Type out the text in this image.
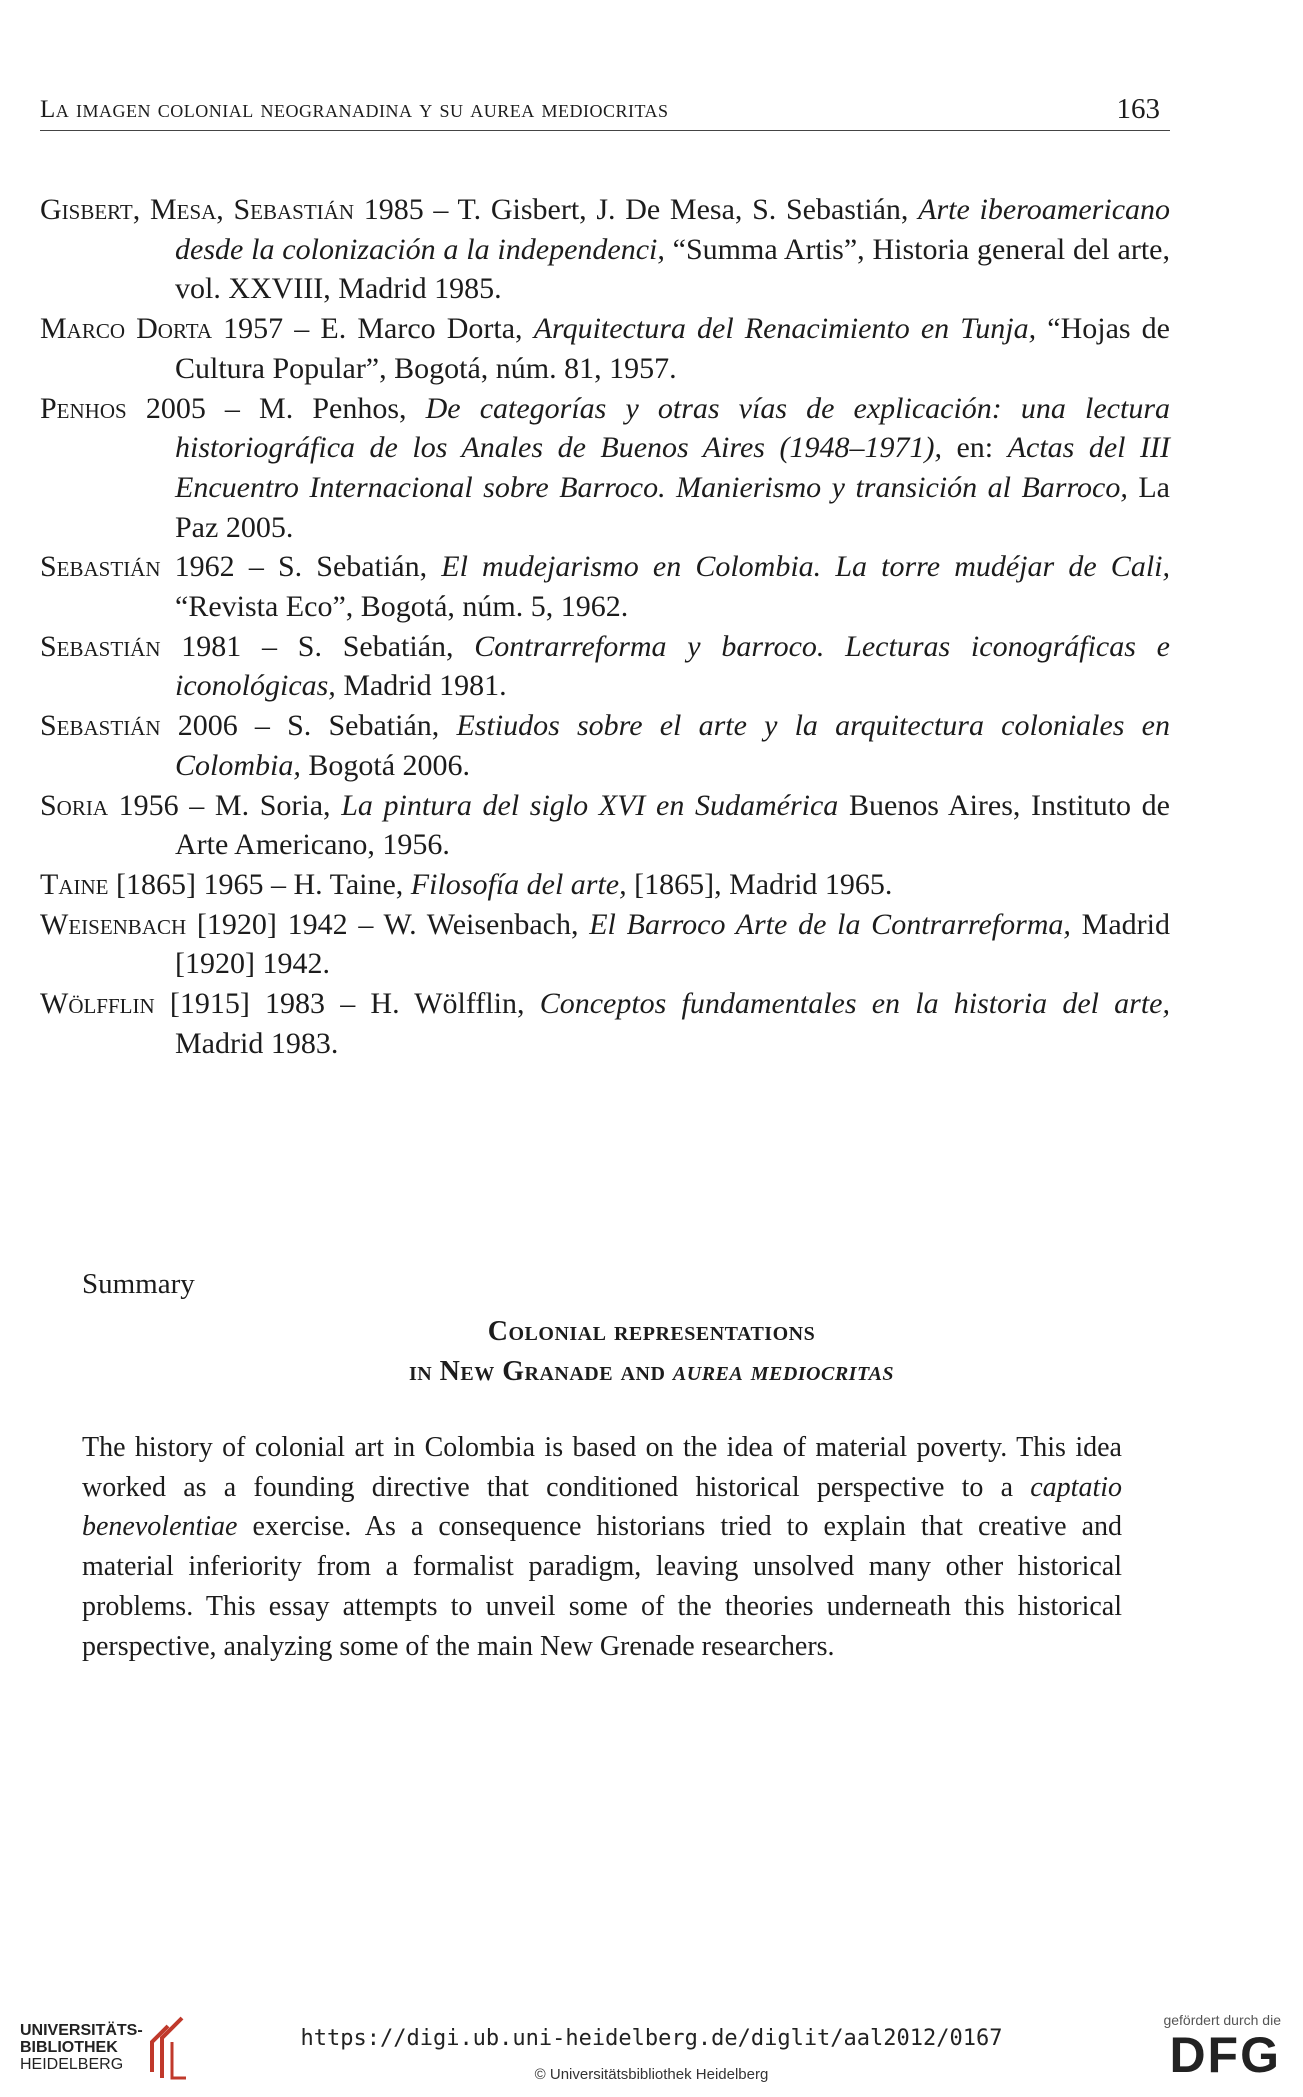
La imagen colonial neogranadina y su aurea mediocritas	163
Gisbert, Mesa, Sebastián 1985 – T. Gisbert, J. De Mesa, S. Sebastián, Arte iberoamericano desde la colonización a la independenci, “Summa Artis”, Historia general del arte, vol. XXVIII, Madrid 1985.
Marco Dorta 1957 – E. Marco Dorta, Arquitectura del Renacimiento en Tunja, “Hojas de Cultura Popular”, Bogotá, núm. 81, 1957.
Penhos 2005 – M. Penhos, De categorías y otras vías de explicación: una lectura historiográfica de los Anales de Buenos Aires (1948–1971), en: Actas del III Encuentro Internacional sobre Barroco. Manierismo y transición al Barroco, La Paz 2005.
Sebastián 1962 – S. Sebatián, El mudejarismo en Colombia. La torre mudéjar de Cali, “Revista Eco”, Bogotá, núm. 5, 1962.
Sebastián 1981 – S. Sebatián, Contrarreforma y barroco. Lecturas iconográficas e iconológicas, Madrid 1981.
Sebastián 2006 – S. Sebatián, Estiudos sobre el arte y la arquitectura coloniales en Colombia, Bogotá 2006.
Soria 1956 – M. Soria, La pintura del siglo XVI en Sudamérica Buenos Aires, Instituto de Arte Americano, 1956.
Taine [1865] 1965 – H. Taine, Filosofía del arte, [1865], Madrid 1965.
Weisenbach [1920] 1942 – W. Weisenbach, El Barroco Arte de la Contrarreforma, Madrid [1920] 1942.
Wölfflin [1915] 1983 – H. Wölfflin, Conceptos fundamentales en la historia del arte, Madrid 1983.
Summary
Colonial representations
in New Granade and aurea mediocritas
The history of colonial art in Colombia is based on the idea of material poverty. This idea worked as a founding directive that conditioned historical perspective to a captatio benevolentiae exercise. As a consequence historians tried to explain that creative and material inferiority from a formalist paradigm, leaving unsolved many other historical problems. This essay attempts to unveil some of the theories underneath this historical perspective, analyzing some of the main New Grenade researchers.
UNIVERSITÄTS-
BIBLIOTHEK
HEIDELBERG
https://digi.ub.uni-heidelberg.de/diglit/aal2012/0167
© Universitätsbibliothek Heidelberg
gefördert durch die
DFG
